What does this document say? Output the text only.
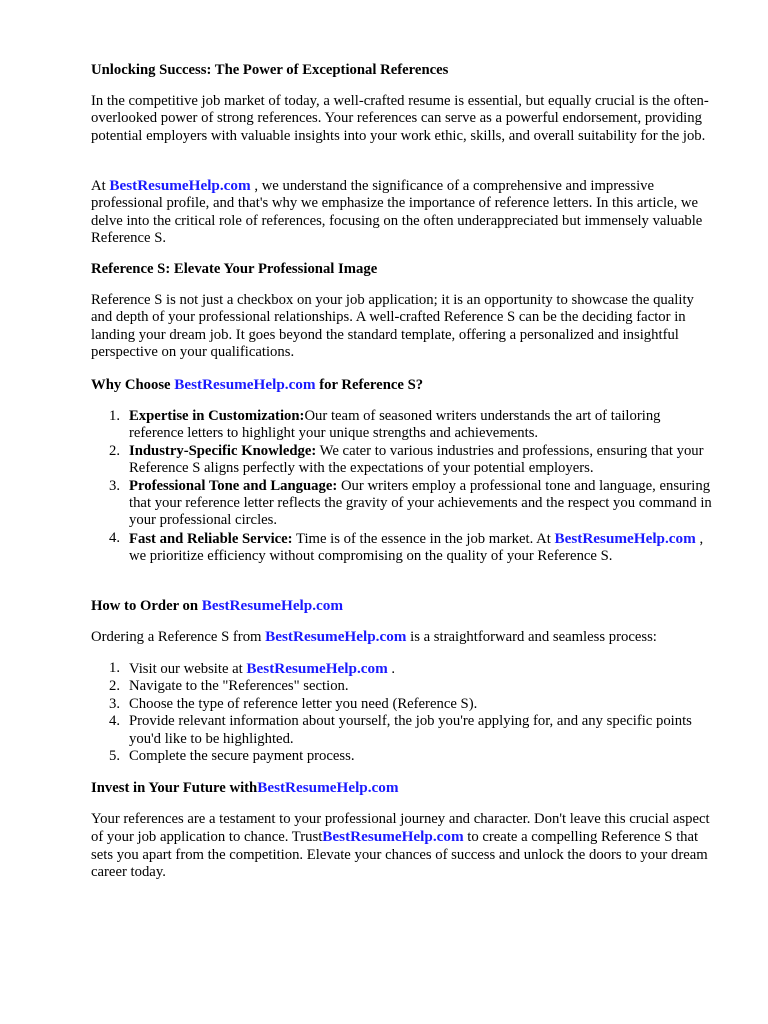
Unlocking Success: The Power of Exceptional References

In the competitive job market of today, a well-crafted resume is essential, but equally crucial is the often-overlooked power of strong references. Your references can serve as a powerful endorsement, providing potential employers with valuable insights into your work ethic, skills, and overall suitability for the job.

At BestResumeHelp.com , we understand the significance of a comprehensive and impressive professional profile, and that's why we emphasize the importance of reference letters. In this article, we delve into the critical role of references, focusing on the often underappreciated but immensely valuable Reference S.

Reference S: Elevate Your Professional Image

Reference S is not just a checkbox on your job application; it is an opportunity to showcase the quality and depth of your professional relationships. A well-crafted Reference S can be the deciding factor in landing your dream job. It goes beyond the standard template, offering a personalized and insightful perspective on your qualifications.

Why Choose BestResumeHelp.com for Reference S?

1. Expertise in Customization:Our team of seasoned writers understands the art of tailoring reference letters to highlight your unique strengths and achievements.
2. Industry-Specific Knowledge: We cater to various industries and professions, ensuring that your Reference S aligns perfectly with the expectations of your potential employers.
3. Professional Tone and Language: Our writers employ a professional tone and language, ensuring that your reference letter reflects the gravity of your achievements and the respect you command in your professional circles.
4. Fast and Reliable Service: Time is of the essence in the job market. At BestResumeHelp.com , we prioritize efficiency without compromising on the quality of your Reference S.

How to Order on BestResumeHelp.com

Ordering a Reference S from BestResumeHelp.com is a straightforward and seamless process:

1. Visit our website at BestResumeHelp.com .
2. Navigate to the "References" section.
3. Choose the type of reference letter you need (Reference S).
4. Provide relevant information about yourself, the job you're applying for, and any specific points you'd like to be highlighted.
5. Complete the secure payment process.

Invest in Your Future withBestResumeHelp.com

Your references are a testament to your professional journey and character. Don't leave this crucial aspect of your job application to chance. TrustBestResumeHelp.com to create a compelling Reference S that sets you apart from the competition. Elevate your chances of success and unlock the doors to your dream career today.
